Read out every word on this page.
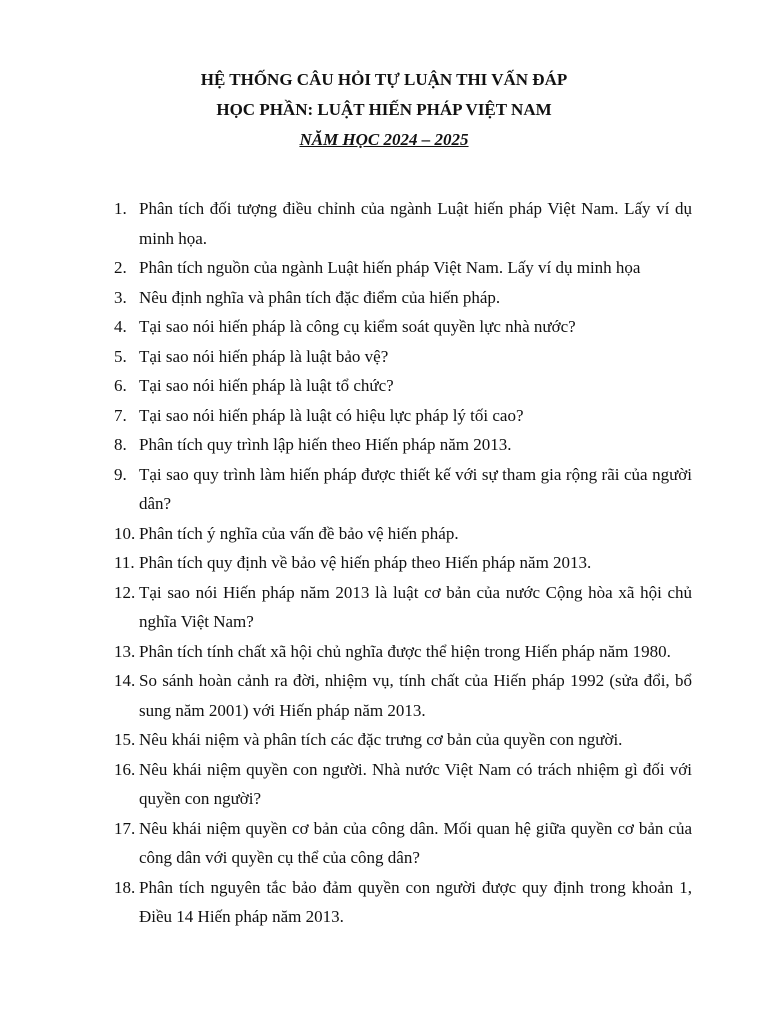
HỆ THỐNG CÂU HỎI TỰ LUẬN THI VẤN ĐÁP
HỌC PHẦN: LUẬT HIẾN PHÁP VIỆT NAM
NĂM HỌC 2024 – 2025
1. Phân tích đối tượng điều chỉnh của ngành Luật hiến pháp Việt Nam. Lấy ví dụ minh họa.
2. Phân tích nguồn của ngành Luật hiến pháp Việt Nam. Lấy ví dụ minh họa
3. Nêu định nghĩa và phân tích đặc điểm của hiến pháp.
4. Tại sao nói hiến pháp là công cụ kiểm soát quyền lực nhà nước?
5. Tại sao nói hiến pháp là luật bảo vệ?
6. Tại sao nói hiến pháp là luật tổ chức?
7. Tại sao nói hiến pháp là luật có hiệu lực pháp lý tối cao?
8. Phân tích quy trình lập hiến theo Hiến pháp năm 2013.
9. Tại sao quy trình làm hiến pháp được thiết kế với sự tham gia rộng rãi của người dân?
10. Phân tích ý nghĩa của vấn đề bảo vệ hiến pháp.
11. Phân tích quy định về bảo vệ hiến pháp theo Hiến pháp năm 2013.
12. Tại sao nói Hiến pháp năm 2013 là luật cơ bản của nước Cộng hòa xã hội chủ nghĩa Việt Nam?
13. Phân tích tính chất xã hội chủ nghĩa được thể hiện trong Hiến pháp năm 1980.
14. So sánh hoàn cảnh ra đời, nhiệm vụ, tính chất của Hiến pháp 1992 (sửa đổi, bổ sung năm 2001) với Hiến pháp năm 2013.
15. Nêu khái niệm và phân tích các đặc trưng cơ bản của quyền con người.
16. Nêu khái niệm quyền con người. Nhà nước Việt Nam có trách nhiệm gì đối với quyền con người?
17. Nêu khái niệm quyền cơ bản của công dân. Mối quan hệ giữa quyền cơ bản của công dân với quyền cụ thể của công dân?
18. Phân tích nguyên tắc bảo đảm quyền con người được quy định trong khoản 1, Điều 14 Hiến pháp năm 2013.
